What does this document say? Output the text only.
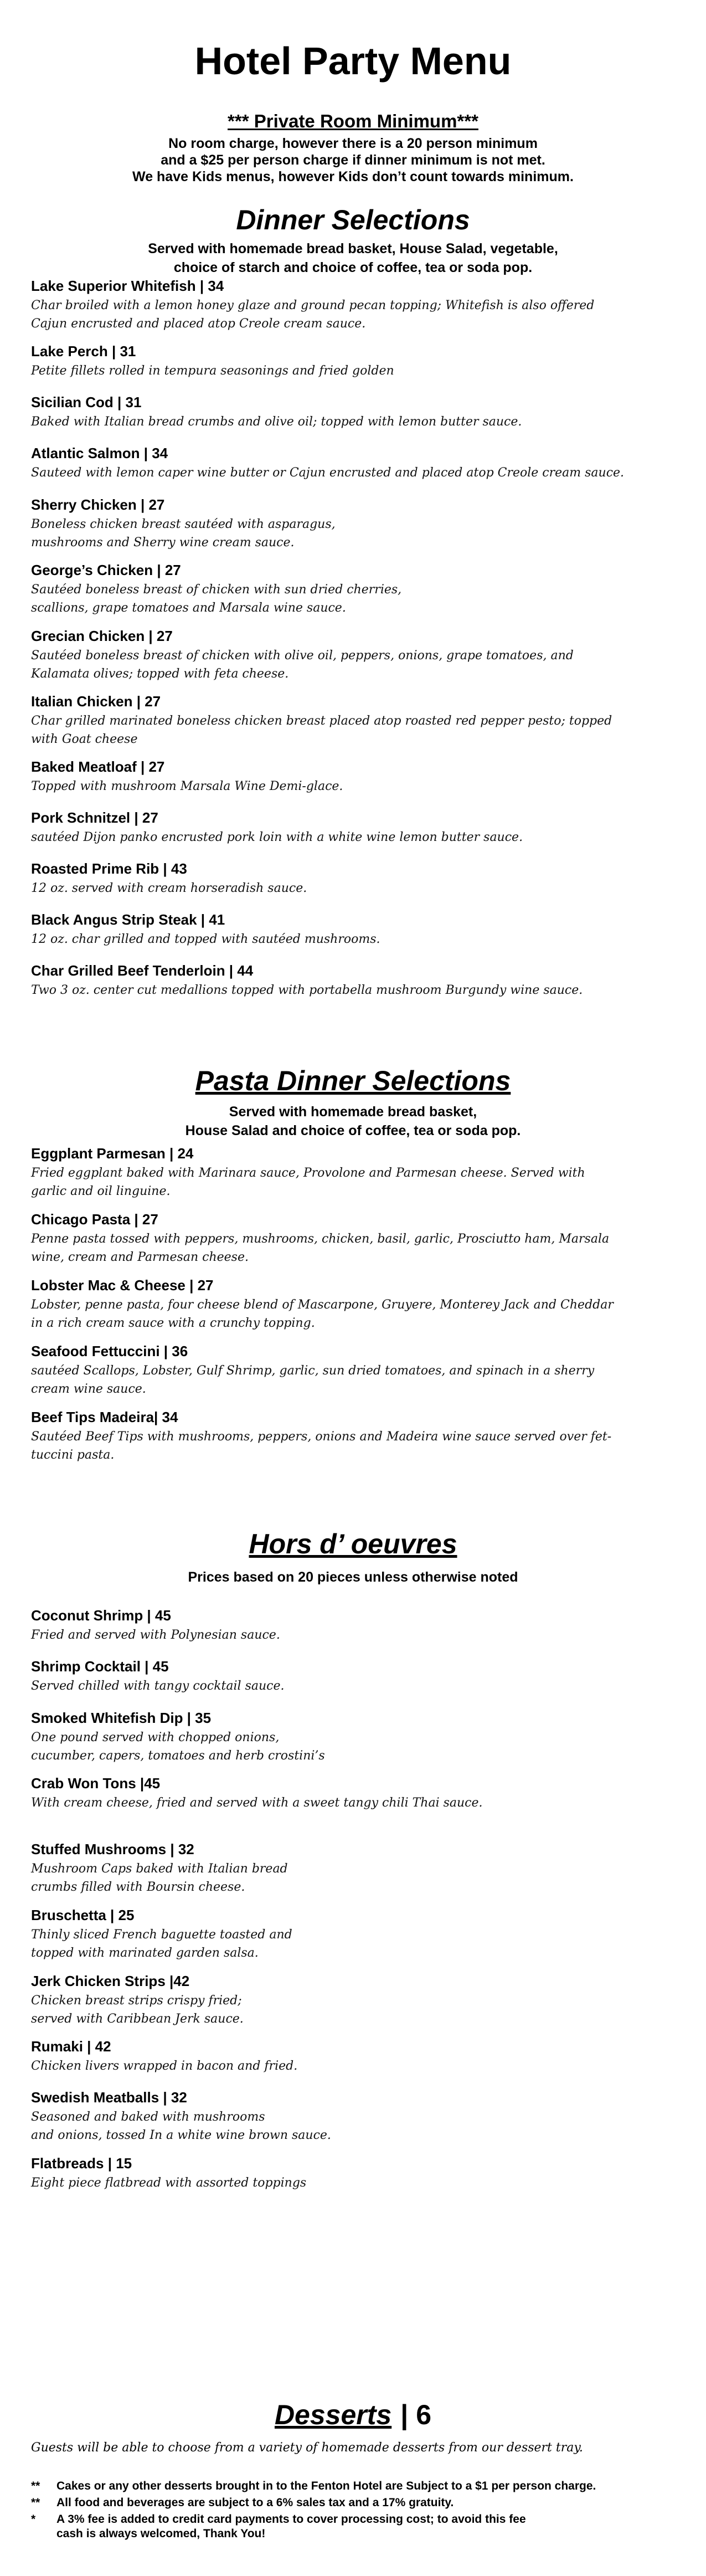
Hotel Party Menu
*** Private Room Minimum***
No room charge, however there is a 20 person minimum
and a $25 per person charge if dinner minimum is not met.
We have Kids menus, however Kids don’t count towards minimum.
Dinner Selections
Served with homemade bread basket, House Salad, vegetable,
choice of starch and choice of coffee, tea or soda pop.
Lake Superior Whitefish | 34
Char broiled with a lemon honey glaze and ground pecan topping; Whitefish is also offered
Cajun encrusted and placed atop Creole cream sauce.
Lake Perch | 31
Petite fillets rolled in tempura seasonings and fried golden
Sicilian Cod | 31
Baked with Italian bread crumbs and olive oil; topped with lemon butter sauce.
Atlantic Salmon | 34
Sauteed with lemon caper wine butter or Cajun encrusted and placed atop Creole cream sauce.
Sherry Chicken | 27
Boneless chicken breast sautéed with asparagus,
mushrooms and Sherry wine cream sauce.
George’s Chicken | 27
Sautéed boneless breast of chicken with sun dried cherries,
scallions, grape tomatoes and Marsala wine sauce.
Grecian Chicken | 27
Sautéed boneless breast of chicken with olive oil, peppers, onions, grape tomatoes, and
Kalamata olives; topped with feta cheese.
Italian Chicken | 27
Char grilled marinated boneless chicken breast placed atop roasted red pepper pesto; topped
with Goat cheese
Baked Meatloaf | 27
Topped with mushroom Marsala Wine Demi-glace.
Pork Schnitzel | 27
sautéed Dijon panko encrusted pork loin with a white wine lemon butter sauce.
Roasted Prime Rib | 43
12 oz. served with cream horseradish sauce.
Black Angus Strip Steak | 41
12 oz. char grilled and topped with sautéed mushrooms.
Char Grilled Beef Tenderloin | 44
Two 3 oz. center cut medallions topped with portabella mushroom Burgundy wine sauce.
Pasta Dinner Selections
Served with homemade bread basket,
House Salad and choice of coffee, tea or soda pop.
Eggplant Parmesan | 24
Fried eggplant baked with Marinara sauce, Provolone and Parmesan cheese. Served with
garlic and oil linguine.
Chicago Pasta | 27
Penne pasta tossed with peppers, mushrooms, chicken, basil, garlic, Prosciutto ham, Marsala
wine, cream and Parmesan cheese.
Lobster Mac & Cheese | 27
Lobster, penne pasta, four cheese blend of Mascarpone, Gruyere, Monterey Jack and Cheddar
in a rich cream sauce with a crunchy topping.
Seafood Fettuccini | 36
sautéed Scallops, Lobster, Gulf Shrimp, garlic, sun dried tomatoes, and spinach in a sherry
cream wine sauce.
Beef Tips Madeira| 34
Sautéed Beef Tips with mushrooms, peppers, onions and Madeira wine sauce served over fet-
tuccini pasta.
Hors d’ oeuvres
Prices based on 20 pieces unless otherwise noted
Coconut Shrimp | 45
Fried and served with Polynesian sauce.
Shrimp Cocktail | 45
Served chilled with tangy cocktail sauce.
Smoked Whitefish Dip | 35
One pound served with chopped onions,
cucumber, capers, tomatoes and herb crostini’s
Crab Won Tons |45
With cream cheese, fried and served with a sweet tangy chili Thai sauce.
Stuffed Mushrooms | 32
Mushroom Caps baked with Italian bread
crumbs filled with Boursin cheese.
Bruschetta | 25
Thinly sliced French baguette toasted and
topped with marinated garden salsa.
Jerk Chicken Strips |42
Chicken breast strips crispy fried;
served with Caribbean Jerk sauce.
Rumaki | 42
Chicken livers wrapped in bacon and fried.
Swedish Meatballs | 32
Seasoned and baked with mushrooms
and onions, tossed In a white wine brown sauce.
Flatbreads | 15
Eight piece flatbread with assorted toppings
Desserts | 6
Guests will be able to choose from a variety of homemade desserts from our dessert tray.
**	Cakes or any other desserts brought in to the Fenton Hotel are Subject to a $1 per person charge.
**	All food and beverages are subject to a 6% sales tax and a 17% gratuity.
*	A 3% fee is added to credit card payments to cover processing cost; to avoid this fee
cash is always welcomed, Thank You!
